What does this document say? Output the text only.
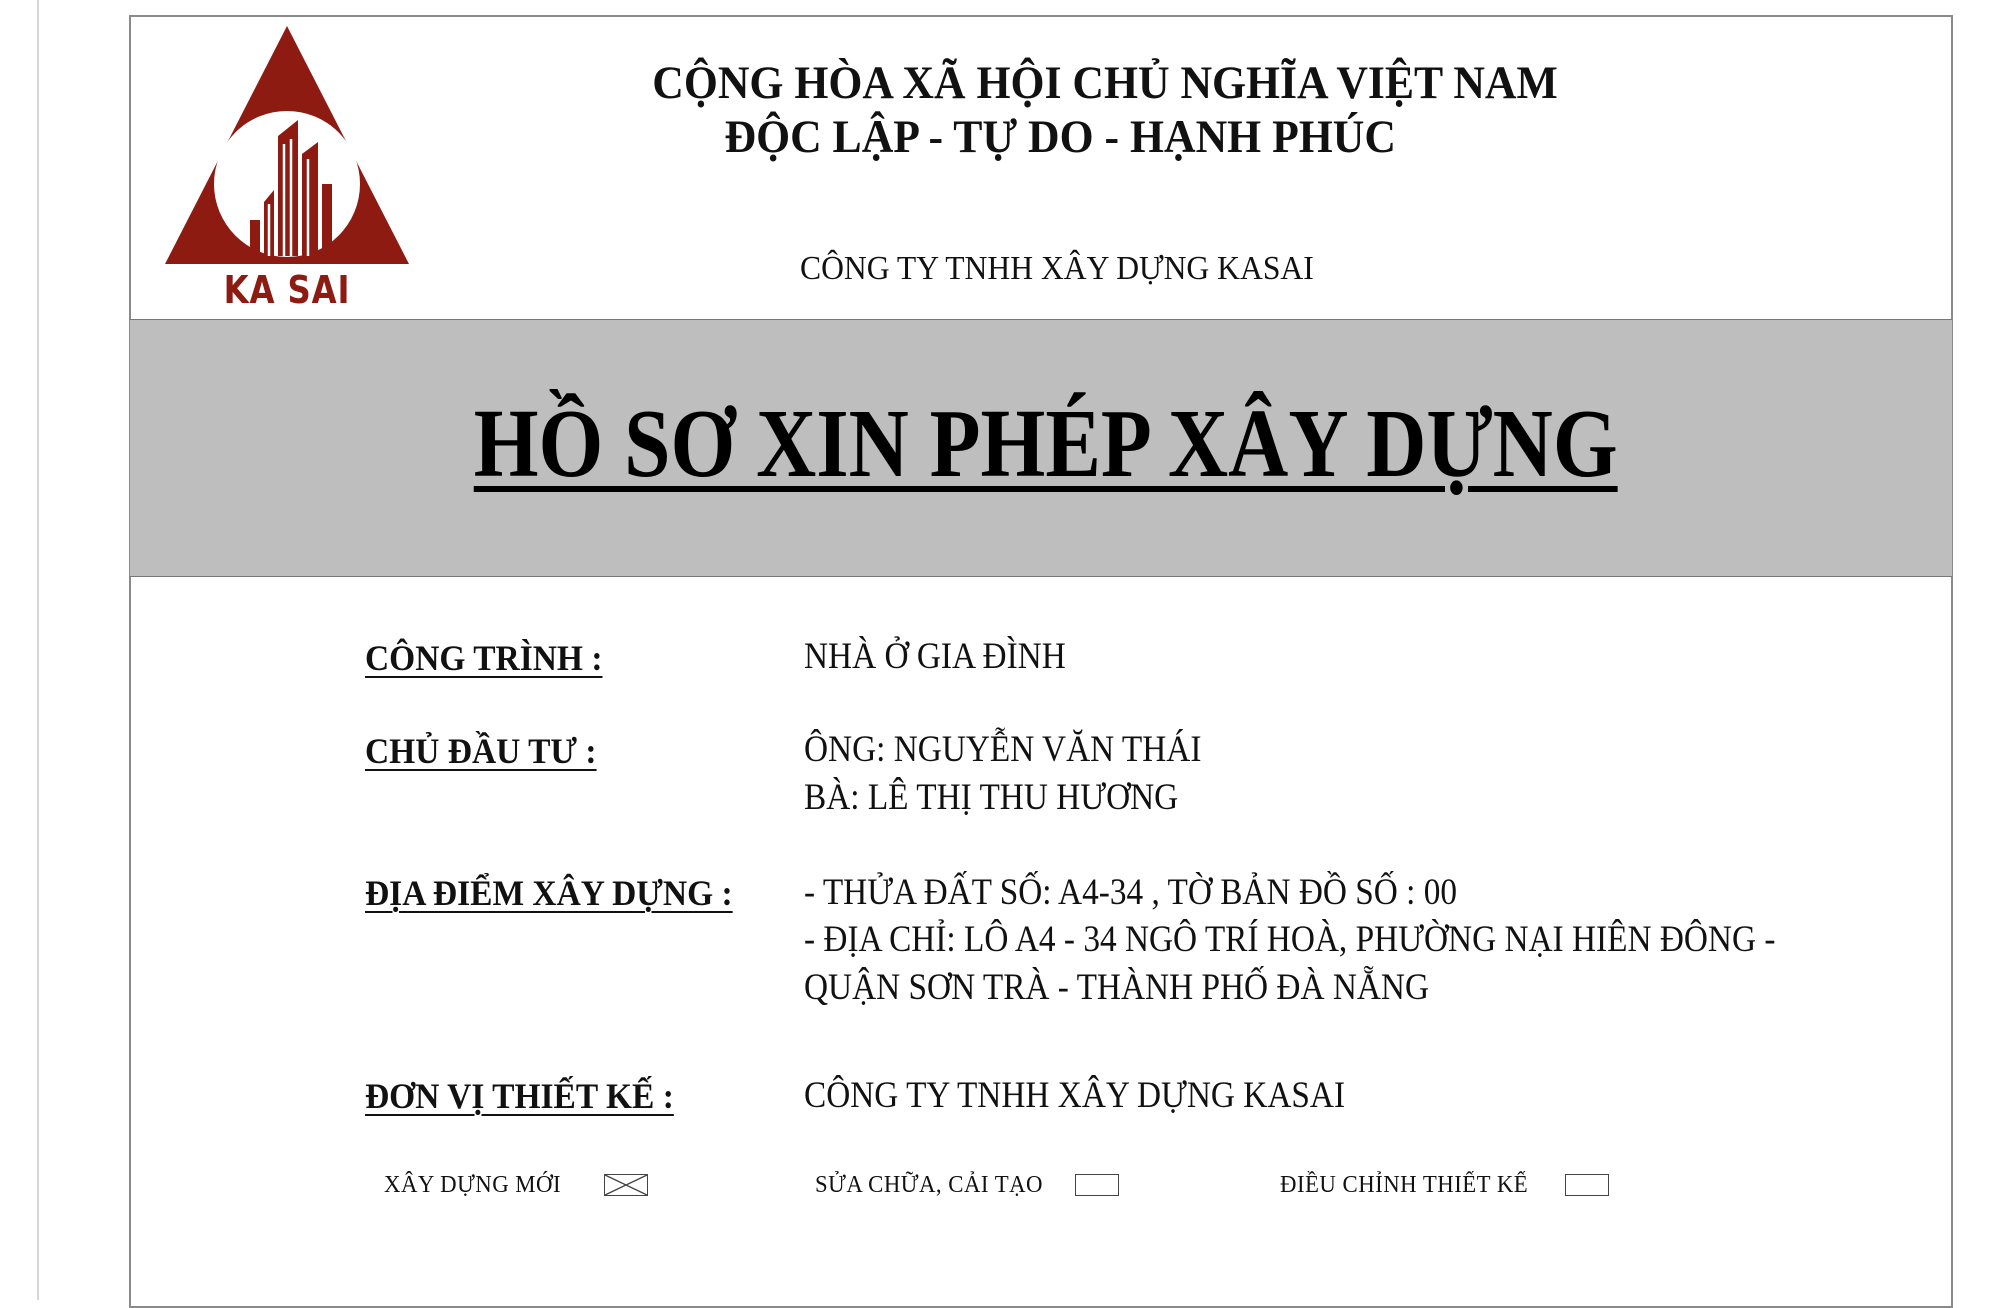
KA SAI
CỘNG HÒA XÃ HỘI CHỦ NGHĨA VIỆT NAM
ĐỘC LẬP - TỰ DO - HẠNH PHÚC
CÔNG TY TNHH XÂY DỰNG KASAI
HỒ SƠ XIN PHÉP XÂY DỰNG
CÔNG TRÌNH :	NHÀ Ở GIA ĐÌNH
CHỦ ĐẦU TƯ :	ÔNG: NGUYỄN VĂN THÁI
BÀ: LÊ THỊ THU HƯƠNG
ĐỊA ĐIỂM XÂY DỰNG : - THỬA ĐẤT SỐ: A4-34 , TỜ BẢN ĐỒ SỐ : 00
- ĐỊA CHỈ: LÔ A4 - 34 NGÔ TRÍ HOÀ, PHƯỜNG NẠI HIÊN ĐÔNG -
QUẬN SƠN TRÀ - THÀNH PHỐ ĐÀ NẴNG
ĐƠN VỊ THIẾT KẾ :	CÔNG TY TNHH XÂY DỰNG KASAI
XÂY DỰNG MỚI	SỬA CHỮA, CẢI TẠO	ĐIỀU CHỈNH THIẾT KẾ
